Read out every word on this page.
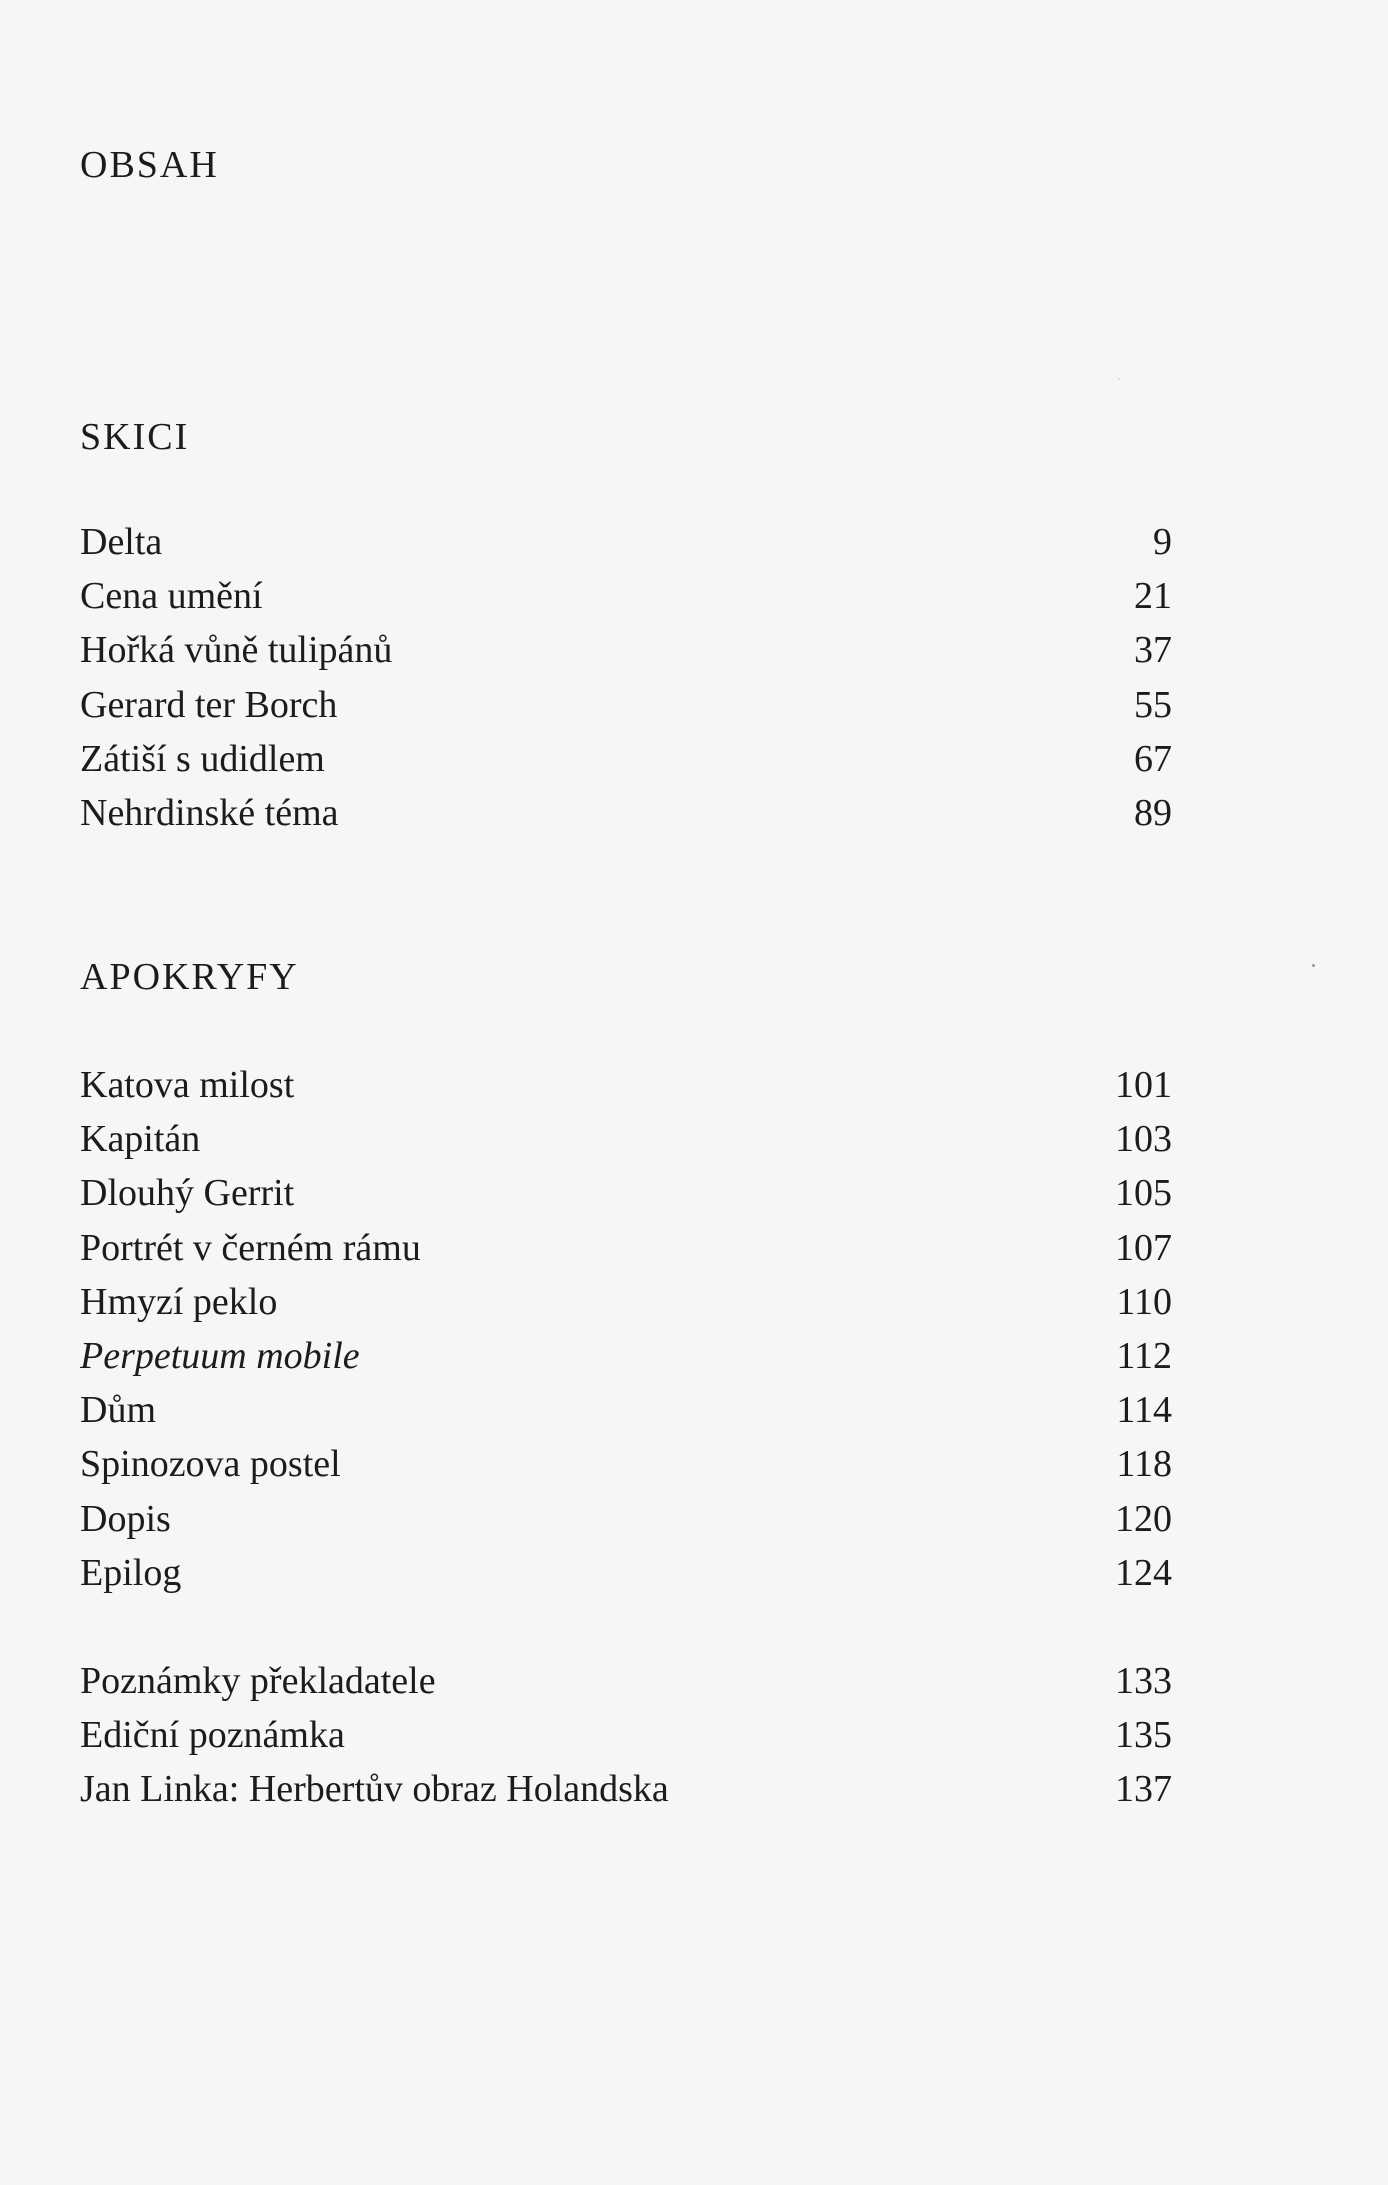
OBSAH
SKICI
Delta	9
Cena umění	21
Hořká vůně tulipánů	37
Gerard ter Borch	55
Zátiší s udidlem	67
Nehrdinské téma	89
APOKRYFY
Katova milost	101
Kapitán	103
Dlouhý Gerrit	105
Portrét v černém rámu	107
Hmyzí peklo	110
Perpetuum mobile	112
Dům	114
Spinozova postel	118
Dopis	120
Epilog	124
Poznámky překladatele	133
Ediční poznámka	135
Jan Linka: Herbertův obraz Holandska	137
